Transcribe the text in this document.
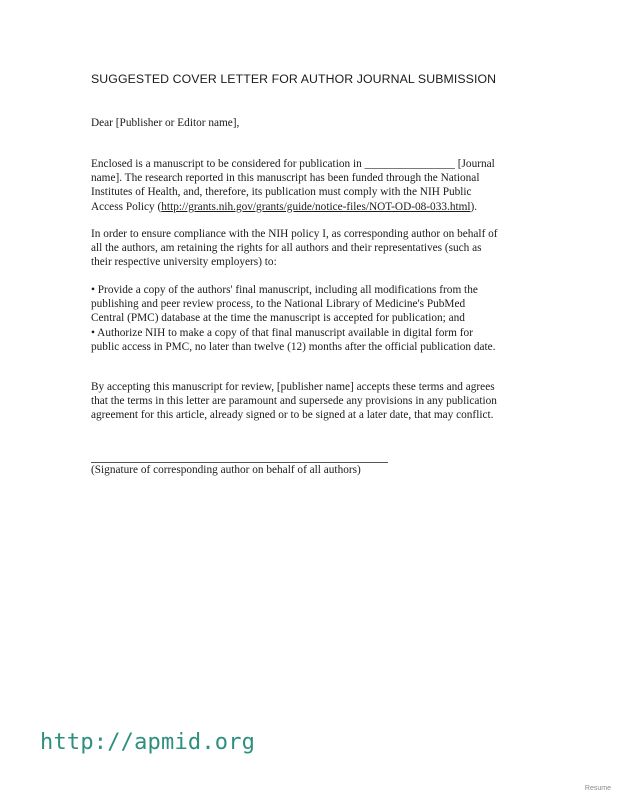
SUGGESTED COVER LETTER FOR AUTHOR JOURNAL SUBMISSION
Dear [Publisher or Editor name],
Enclosed is a manuscript to be considered for publication in ________________ [Journal
name]. The research reported in this manuscript has been funded through the National
Institutes of Health, and, therefore, its publication must comply with the NIH Public
Access Policy (http://grants.nih.gov/grants/guide/notice-files/NOT-OD-08-033.html).
In order to ensure compliance with the NIH policy I, as corresponding author on behalf of
all the authors, am retaining the rights for all authors and their representatives (such as
their respective university employers) to:
• Provide a copy of the authors' final manuscript, including all modifications from the
publishing and peer review process, to the National Library of Medicine's PubMed
Central (PMC) database at the time the manuscript is accepted for publication; and
• Authorize NIH to make a copy of that final manuscript available in digital form for
public access in PMC, no later than twelve (12) months after the official publication date.
By accepting this manuscript for review, [publisher name] accepts these terms and agrees
that the terms in this letter are paramount and supersede any provisions in any publication
agreement for this article, already signed or to be signed at a later date, that may conflict.
(Signature of corresponding author on behalf of all authors)
http://apmid.org
Resume
